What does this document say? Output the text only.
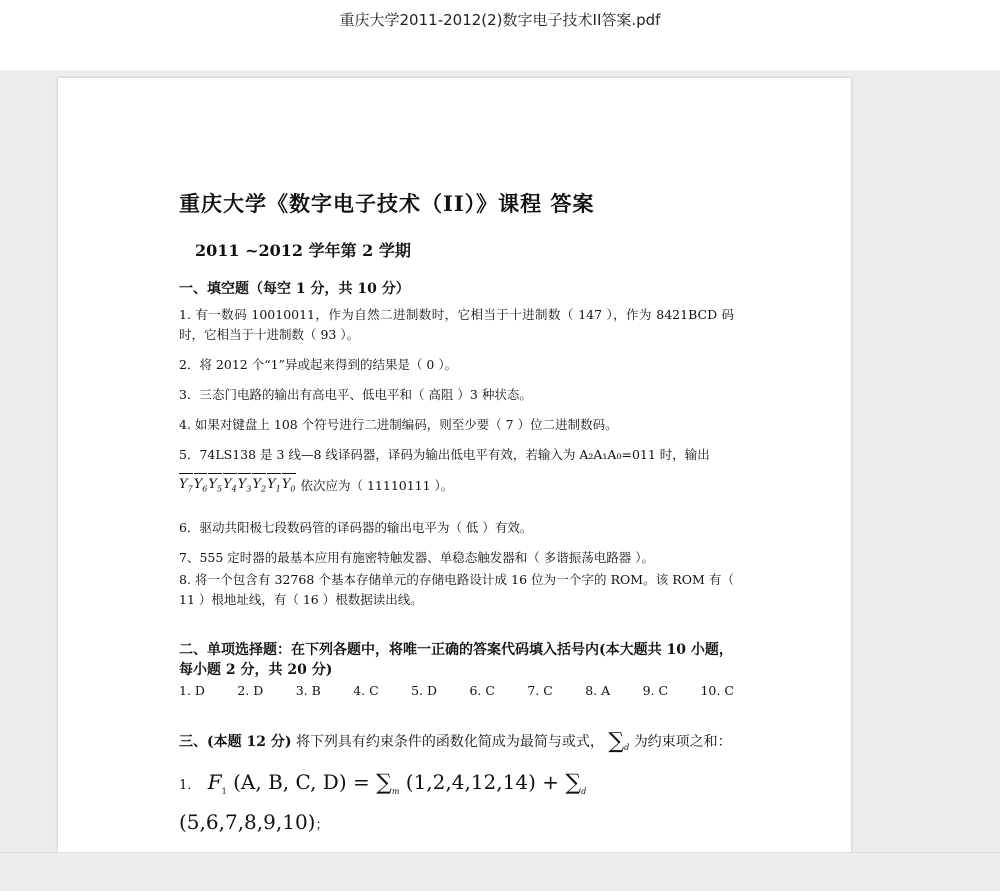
重庆大学2011-2012(2)数字电子技术II答案.pdf
重庆大学《数字电子技术（II）》课程 答案
2011 ~2012 学年第 2 学期
一、填空题（每空 1 分，共 10 分）
1. 有一数码 10010011，作为自然二进制数时，它相当于十进制数（ 147 ），作为 8421BCD 码时，它相当于十进制数（ 93 ）。
2．将 2012 个“1”异或起来得到的结果是（ 0 ）。
3．三态门电路的输出有高电平、低电平和（ 高阻 ）3 种状态。
4. 如果对键盘上 108 个符号进行二进制编码，则至少要（ 7 ）位二进制数码。
5．74LS138 是 3 线—8 线译码器，译码为输出低电平有效，若输入为 A₂A₁A₀=011 时，输出
$Y_7Y_6Y_5Y_4Y_3Y_2Y_1Y_0$ 依次应为（ 11110111 ）。
6．驱动共阳极七段数码管的译码器的输出电平为（ 低 ）有效。
7、555 定时器的最基本应用有施密特触发器、单稳态触发器和（ 多谐振荡电路器 ）。
8. 将一个包含有 32768 个基本存储单元的存储电路设计成 16 位为一个字的 ROM。该 ROM 有（ 11 ）根地址线，有（ 16 ）根数据读出线。
二、单项选择题：在下列各题中，将唯一正确的答案代码填入括号内(本大题共 10 小题，每小题 2 分，共 20 分)
1. D	2. D	3. B	4. C	5. D	6. C	7. C	8. A	9. C	10. C
三、(本题 12 分) 将下列具有约束条件的函数化简成为最简与或式， $\sum_d$ 为约束项之和：
1. $F_1$ (A, B, C, $D) = \sum_m$ $(1,2,4,12,14) + \sum_d$ (5,6,7,8,9,10)；
